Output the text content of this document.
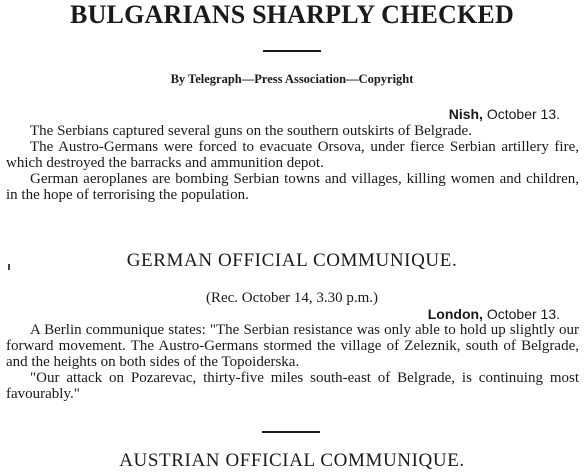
BULGARIANS SHARPLY CHECKED
By Telegraph—Press Association—Copyright
Nish, October 13.

The Serbians captured several guns on the southern outskirts of Belgrade.

The Austro-Germans were forced to evacuate Orsova, under fierce Serbian artillery fire, which destroyed the barracks and ammunition depot.

German aeroplanes are bombing Serbian towns and villages, killing women and children, in the hope of terrorising the population.

GERMAN OFFICIAL COMMUNIQUE.
(Rec. October 14, 3.30 p.m.)
London, October 13.

A Berlin communique states: "The Serbian resistance was only able to hold up slightly our forward movement. The Austro-Germans stormed the village of Zeleznik, south of Belgrade, and the heights on both sides of the Topoiderska.

"Our attack on Pozarevac, thirty-five miles south-east of Belgrade, is continuing most favourably."

AUSTRIAN OFFICIAL COMMUNIQUE.
